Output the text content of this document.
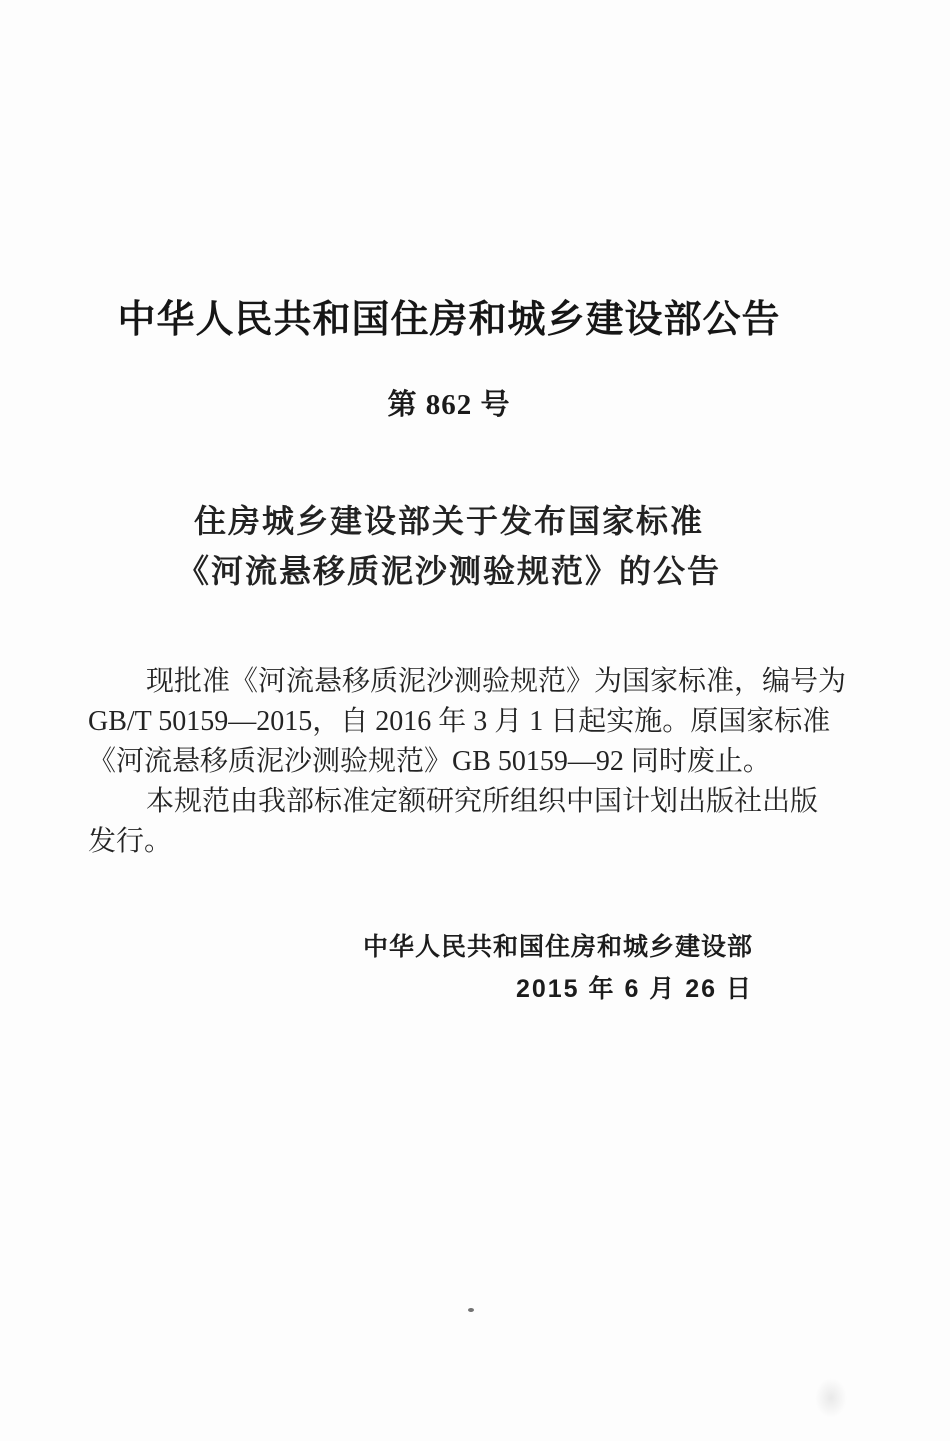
中华人民共和国住房和城乡建设部公告
第 862 号
住房城乡建设部关于发布国家标准
《河流悬移质泥沙测验规范》的公告
现批准《河流悬移质泥沙测验规范》为国家标准，编号为
GB/T 50159—2015，自 2016 年 3 月 1 日起实施。原国家标准
《河流悬移质泥沙测验规范》GB 50159—92 同时废止。
本规范由我部标准定额研究所组织中国计划出版社出版
发行。
中华人民共和国住房和城乡建设部
2015 年 6 月 26 日
